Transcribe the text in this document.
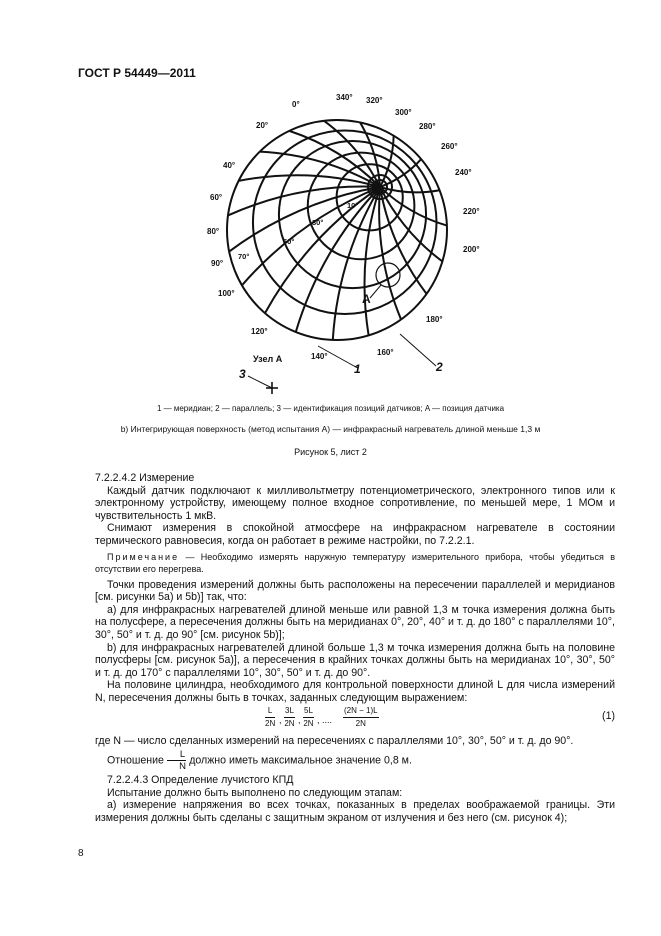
ГОСТ Р 54449—2011
0°
20°
40°
60°
80°
90°
100°
120°
140°	160°
180°
200°
220°
240°
260°
280°
300°
320°
340°
10°
30°
50°
70°
A
Узел A
1	2
3
1 — меридиан; 2 — параллель; 3 — идентификация позиций датчиков; A — позиция датчика
b) Интегрирующая поверхность (метод испытания А) — инфракрасный нагреватель длиной меньше 1,3 м
Рисунок 5, лист 2

7.2.2.4.2 Измерение

Каждый датчик подключают к милливольтметру потенциометрического, электронного типов или к электронному устройству, имеющему полное входное сопротивление, по меньшей мере, 1 МОм и чувствительность 1 мкВ.

Снимают измерения в спокойной атмосфере на инфракрасном нагревателе в состоянии термического равновесия, когда он работает в режиме настройки, по 7.2.2.1.

Примечание — Необходимо измерять наружную температуру измерительного прибора, чтобы убедиться в отсутствии его перегрева.

Точки проведения измерений должны быть расположены на пересечении параллелей и меридианов [см. рисунки 5а) и 5b)] так, что:

а) для инфракрасных нагревателей длиной меньше или равной 1,3 м точка измерения должна быть на полусфере, а пересечения должны быть на меридианах 0°, 20°, 40° и т. д. до 180° с параллелями 10°, 30°, 50° и т. д. до 90° [см. рисунок 5b)];

b) для инфракрасных нагревателей длиной больше 1,3 м точка измерения должна быть на половине полусферы [см. рисунок 5а)], а пересечения в крайних точках должны быть на меридианах 10°, 30°, 50° и т. д. до 170° с параллелями 10°, 30°, 50° и т. д. до 90°.

На половине цилиндра, необходимого для контрольной поверхности длиной L для числа измерений N, пересечения должны быть в точках, заданных следующим выражением:

$\frac{L}{2N}$ , $\frac{3L}{2N}$ , $\frac{5L}{2N}$ , .... $\frac{(2N - 1)L}{2N}$	(1)

где N — число сделанных измерений на пересечениях с параллелями 10°, 30°, 50° и т. д. до 90°.

Отношение $\frac{L}{N}$ должно иметь максимальное значение 0,8 м.

7.2.2.4.3 Определение лучистого КПД

Испытание должно быть выполнено по следующим этапам:

а) измерение напряжения во всех точках, показанных в пределах воображаемой границы. Эти измерения должны быть сделаны с защитным экраном от излучения и без него (см. рисунок 4);

8
